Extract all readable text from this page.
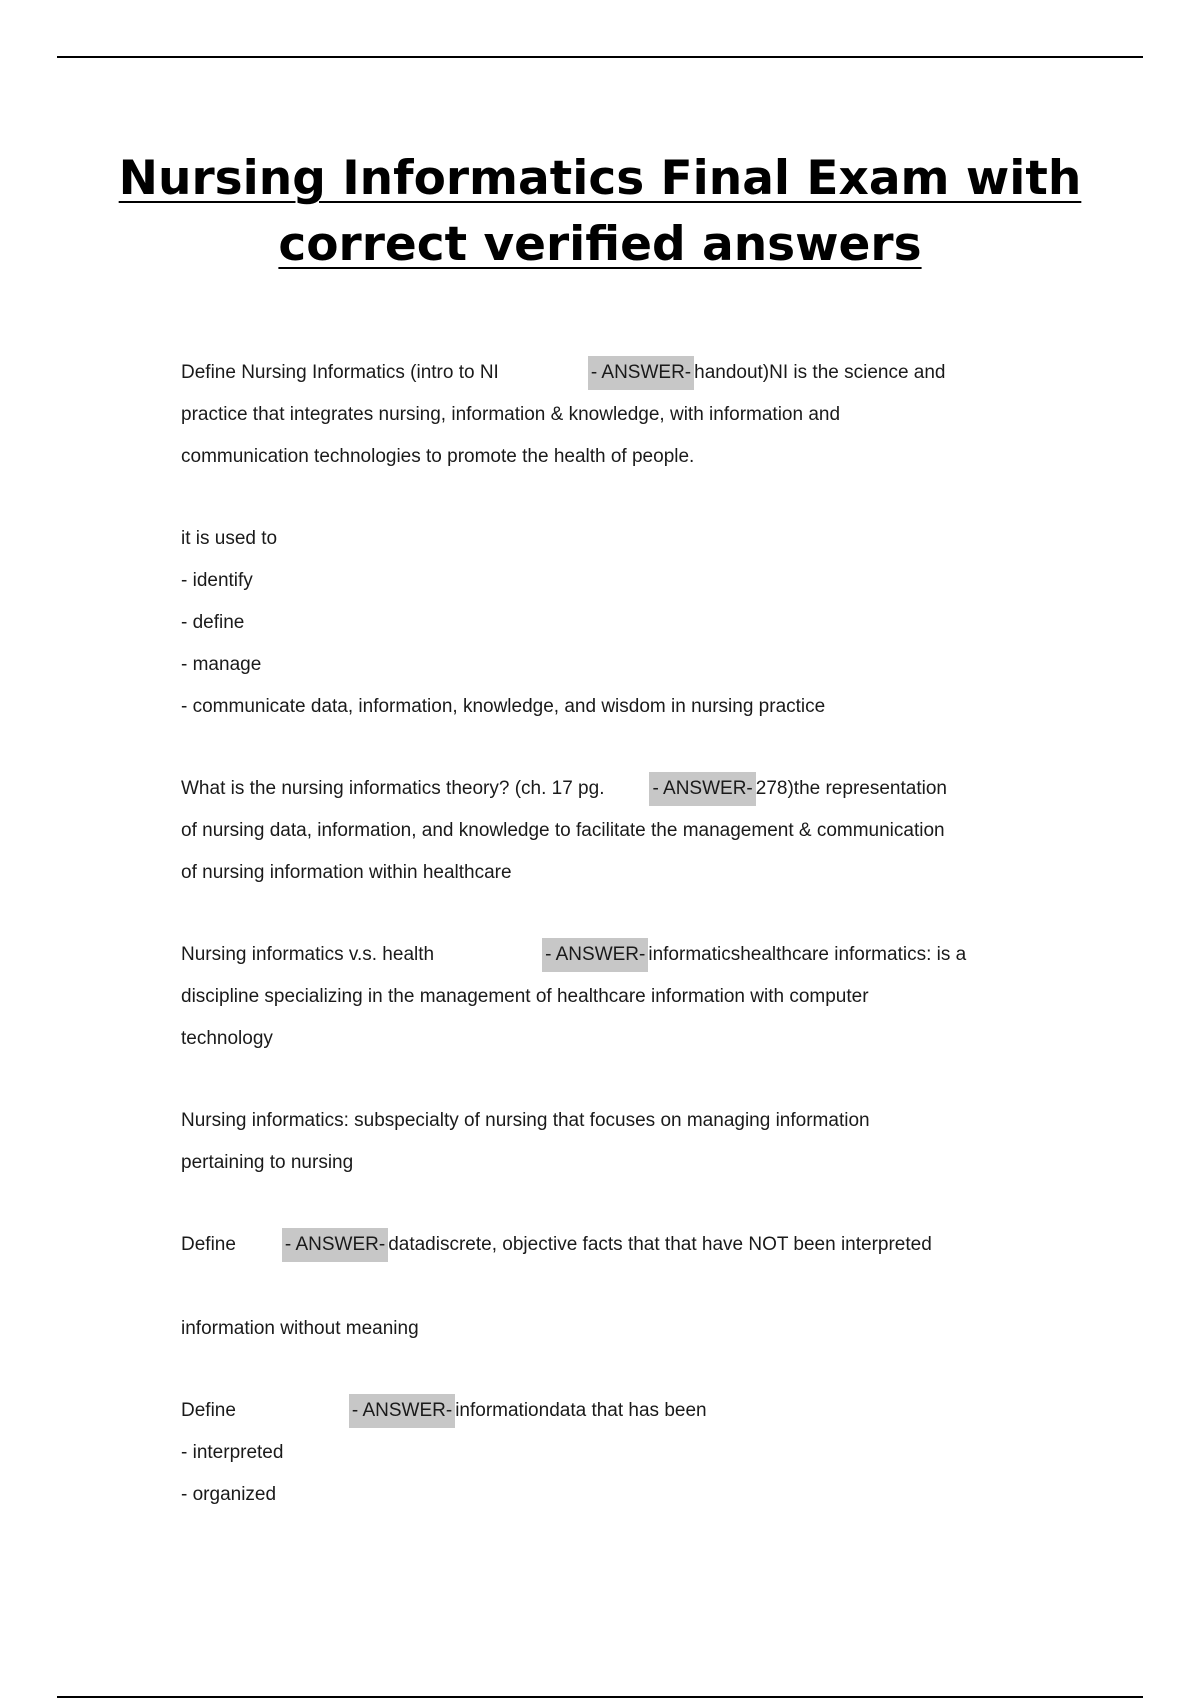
Nursing Informatics Final Exam with
correct verified answers
Define Nursing Informatics (intro to NI	- ANSWER- handout)NI is the science and
practice that integrates nursing, information & knowledge, with information and
communication technologies to promote the health of people.
it is used to
- identify
- define
- manage
- communicate data, information, knowledge, and wisdom in nursing practice
What is the nursing informatics theory? (ch. 17 pg.	- ANSWER- 278)the representation
of nursing data, information, and knowledge to facilitate the management & communication
of nursing information within healthcare
Nursing informatics v.s. health	- ANSWER- informaticshealthcare informatics: is a
discipline specializing in the management of healthcare information with computer
technology
Nursing informatics: subspecialty of nursing that focuses on managing information
pertaining to nursing
Define	- ANSWER- datadiscrete, objective facts that that have NOT been interpreted
information without meaning
Define	- ANSWER- informationdata that has been
- interpreted
- organized
